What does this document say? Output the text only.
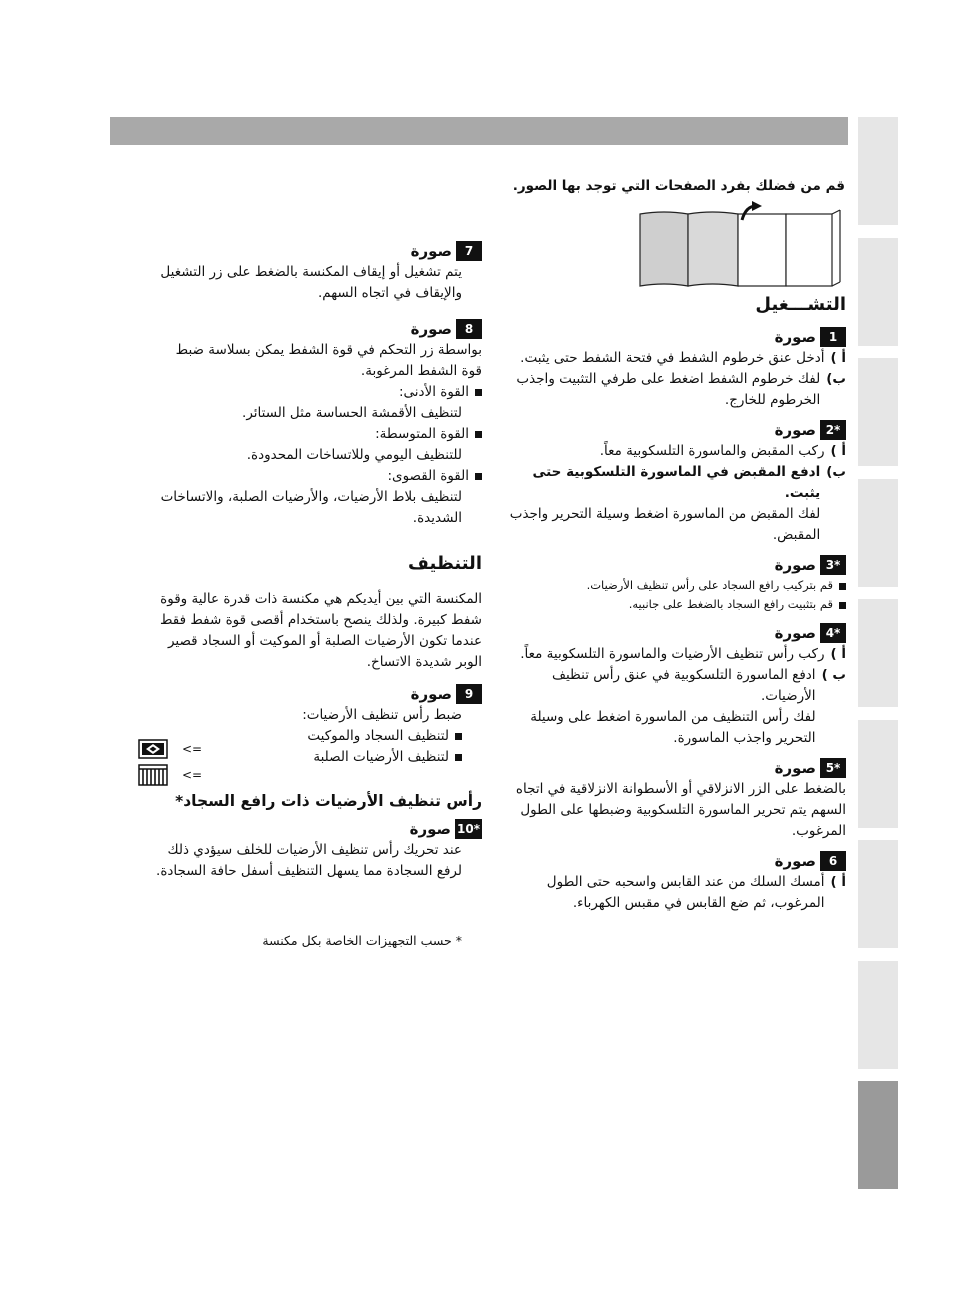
قم من فضلك بفرد الصفحات التي توجد بها الصور.
التشـــغيل
1
صورة
أ )
أدخل عنق خرطوم الشفط في فتحة الشفط حتى يثبت.
ب)
لفك خرطوم الشفط اضغط على طرفي التثبيت واجذب الخرطوم للخارج.
2*
صورة
أ )
ركب المقبض والماسورة التلسكوبية معاً.
ب)
ادفع المقبض في الماسورة التلسكوبية حتى يثبت.
لفك المقبض من الماسورة اضغط وسيلة التحرير واجذب المقبض.
3*
صورة
قم بتركيب رافع السجاد على رأس تنظيف الأرضيات.
قم بتثبيت رافع السجاد بالضغط على جانبيه.
4*
صورة
أ )
ركب رأس تنظيف الأرضيات والماسورة التلسكوبية معاً.
ب )
ادفع الماسورة التلسكوبية في عنق رأس تنظيف الأرضيات.
لفك رأس التنظيف من الماسورة اضغط على وسيلة التحرير واجذب الماسورة.
5*
صورة

بالضغط على الزر الانزلاقي أو الأسطوانة الانزلاقية في اتجاه السهم يتم تحرير الماسورة التلسكوبية وضبطها على الطول المرغوب.

6
صورة
أ )
أمسك السلك من عند القابس واسحبه حتى الطول المرغوب، ثم ضع القابس في مقبس الكهرباء.
7
صورة

يتم تشغيل أو إيقاف المكنسة بالضغط على زر التشغيل والإيقاف في اتجاه السهم.

8
صورة

بواسطة زر التحكم في قوة الشفط يمكن بسلاسة ضبط قوة الشفط المرغوبة.

القوة الأدنى:

لتنظيف الأقمشة الحساسة مثل الستائر.

القوة المتوسطة:

للتنظيف اليومي وللاتساخات المحدودة.

القوة القصوى:

لتنظيف بلاط الأرضيات، والأرضيات الصلبة، والاتساخات الشديدة.

التنظيف

المكنسة التي بين أيديكم هي مكنسة ذات قدرة عالية وقوة شفط كبيرة. ولذلك ينصح باستخدام أقصى قوة شفط فقط عندما تكون الأرضيات الصلبة أو الموكيت أو السجاد قصير الوبر شديدة الاتساخ.

9
صورة

ضبط رأس تنظيف الأرضيات:

لتنظيف السجاد والموكيت
لتنظيف الأرضيات الصلبة
رأس تنظيف الأرضيات ذات رافع السجاد*
10*
صورة

عند تحريك رأس تنظيف الأرضيات للخلف سيؤدي ذلك لرفع السجادة مما يسهل التنظيف أسفل حافة السجادة.

* حسب التجهيزات الخاصة بكل مكنسة

<=
<=
